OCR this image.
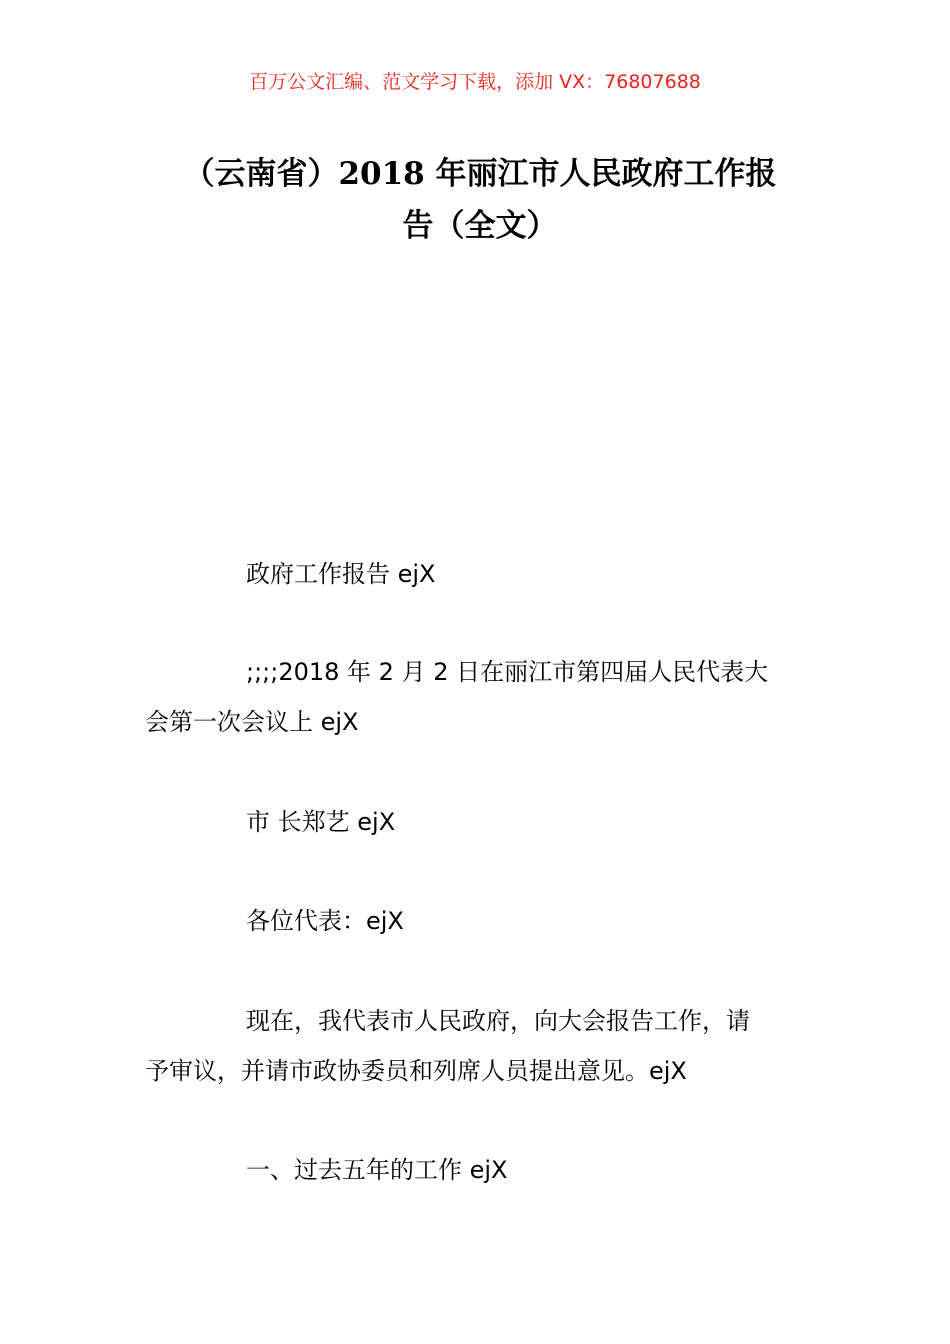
百万公文汇编、范文学习下载，添加 VX：76807688
（云南省）2018 年丽江市人民政府工作报
告（全文）
政府工作报告 ejX
;;;;2018 年 2 月 2 日在丽江市第四届人民代表大
会第一次会议上 ejX
市 长郑艺 ejX
各位代表：ejX
现在，我代表市人民政府，向大会报告工作，请
予审议，并请市政协委员和列席人员提出意见。ejX
一、过去五年的工作 ejX
